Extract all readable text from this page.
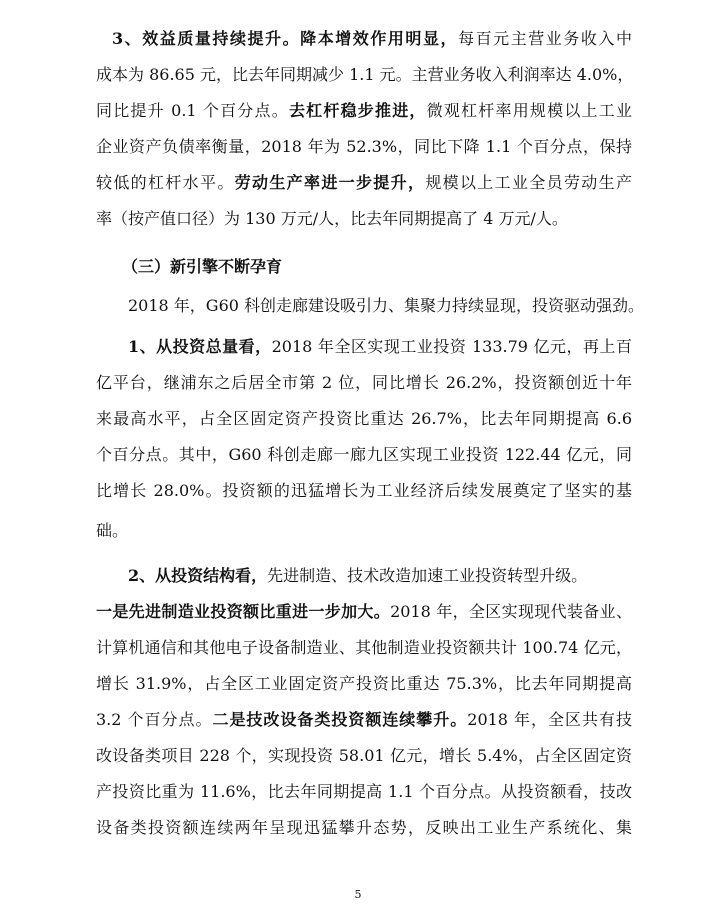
3、效益质量持续提升。降本增效作用明显，每百元主营业务收入中
成本为 86.65 元，比去年同期减少 1.1 元。主营业务收入利润率达 4.0%，
同比提升 0.1 个百分点。去杠杆稳步推进，微观杠杆率用规模以上工业
企业资产负债率衡量，2018 年为 52.3%，同比下降 1.1 个百分点，保持
较低的杠杆水平。劳动生产率进一步提升，规模以上工业全员劳动生产
率（按产值口径）为 130 万元/人，比去年同期提高了 4 万元/人。
（三）新引擎不断孕育
2018 年，G60 科创走廊建设吸引力、集聚力持续显现，投资驱动强劲。
1、从投资总量看，2018 年全区实现工业投资 133.79 亿元，再上百
亿平台，继浦东之后居全市第 2 位，同比增长 26.2%，投资额创近十年
来最高水平，占全区固定资产投资比重达 26.7%，比去年同期提高 6.6
个百分点。其中，G60 科创走廊一廊九区实现工业投资 122.44 亿元，同
比增长 28.0%。投资额的迅猛增长为工业经济后续发展奠定了坚实的基
础。
2、从投资结构看，先进制造、技术改造加速工业投资转型升级。
一是先进制造业投资额比重进一步加大。2018 年，全区实现现代装备业、
计算机通信和其他电子设备制造业、其他制造业投资额共计 100.74 亿元，
增长 31.9%，占全区工业固定资产投资比重达 75.3%，比去年同期提高
3.2 个百分点。二是技改设备类投资额连续攀升。2018 年，全区共有技
改设备类项目 228 个，实现投资 58.01 亿元，增长 5.4%，占全区固定资
产投资比重为 11.6%，比去年同期提高 1.1 个百分点。从投资额看，技改
设备类投资额连续两年呈现迅猛攀升态势，反映出工业生产系统化、集
5
